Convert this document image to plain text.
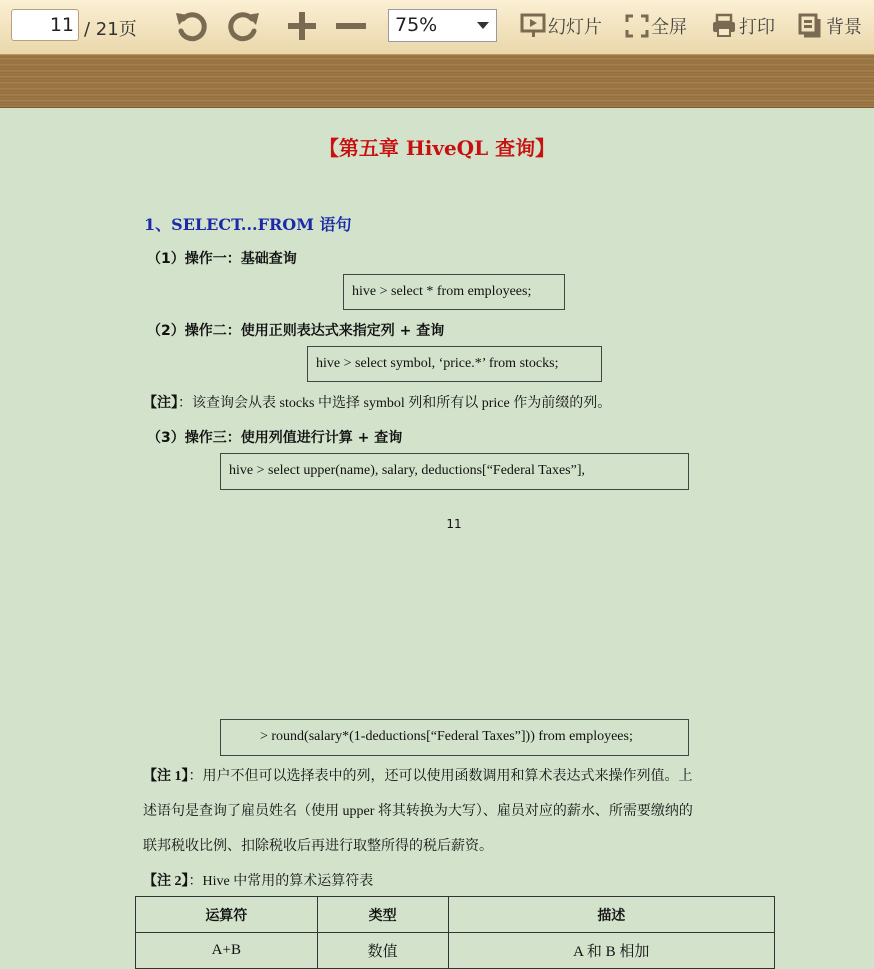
11 / 21页	75%	幻灯片	全屏	打印	背景
【第五章 HiveQL 查询】
1、SELECT...FROM 语句
（1）操作一：基础查询
hive > select * from employees;
（2）操作二：使用正则表达式来指定列 + 查询
hive > select symbol, ‘price.*’ from stocks;
【注】：该查询会从表 stocks 中选择 symbol 列和所有以 price 作为前缀的列。
（3）操作三：使用列值进行计算 + 查询
hive > select upper(name), salary, deductions[“Federal Taxes”],
11
> round(salary*(1-deductions[“Federal Taxes”])) from employees;
【注 1】：用户不但可以选择表中的列，还可以使用函数调用和算术表达式来操作列值。上
述语句是查询了雇员姓名（使用 upper 将其转换为大写）、雇员对应的薪水、所需要缴纳的
联邦税收比例、扣除税收后再进行取整所得的税后薪资。
【注 2】：Hive 中常用的算术运算符表
运算符	类型	描述
A+B	数值	A 和 B 相加
